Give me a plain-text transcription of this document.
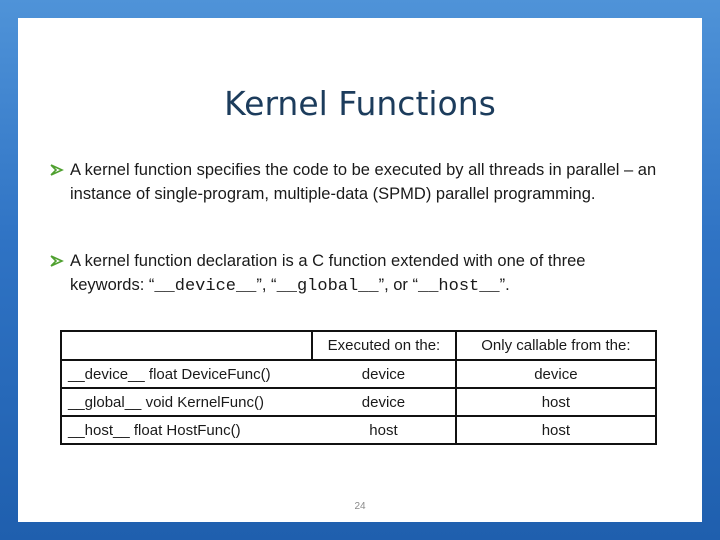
Kernel Functions
A kernel function specifies the code to be executed by all threads in parallel – an instance of single-program, multiple-data (SPMD) parallel programming.
A kernel function declaration is a C function extended with one of three keywords: “__device__”, “__global__”, or “__host__”.
	Executed on the:	Only callable from the:
__device__ float DeviceFunc()	device	device
__global__ void KernelFunc()	device	host
__host__ float HostFunc()	host	host
24
